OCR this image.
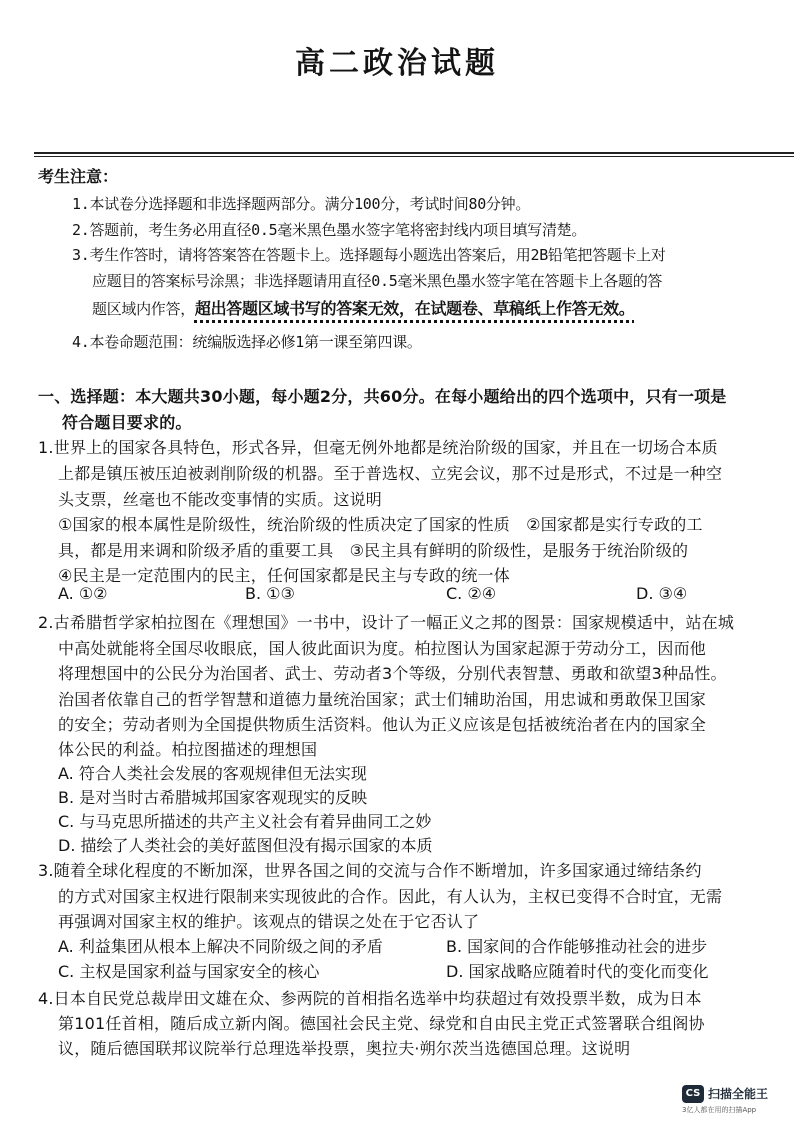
高二政治试题
考生注意：
1.本试卷分选择题和非选择题两部分。满分100分，考试时间80分钟。
2.答题前，考生务必用直径0.5毫米黑色墨水签字笔将密封线内项目填写清楚。
3.考生作答时，请将答案答在答题卡上。选择题每小题选出答案后，用2B铅笔把答题卡上对
应题目的答案标号涂黑；非选择题请用直径0.5毫米黑色墨水签字笔在答题卡上各题的答
题区域内作答，超出答题区域书写的答案无效，在试题卷、草稿纸上作答无效。
4.本卷命题范围：统编版选择必修1第一课至第四课。
一、选择题：本大题共30小题，每小题2分，共60分。在每小题给出的四个选项中，只有一项是
符合题目要求的。
1.世界上的国家各具特色，形式各异，但毫无例外地都是统治阶级的国家，并且在一切场合本质
上都是镇压被压迫被剥削阶级的机器。至于普选权、立宪会议，那不过是形式，不过是一种空
头支票，丝毫也不能改变事情的实质。这说明
①国家的根本属性是阶级性，统治阶级的性质决定了国家的性质　②国家都是实行专政的工
具，都是用来调和阶级矛盾的重要工具　③民主具有鲜明的阶级性，是服务于统治阶级的
④民主是一定范围内的民主，任何国家都是民主与专政的统一体
A. ①②	B. ①③	C. ②④	D. ③④
2.古希腊哲学家柏拉图在《理想国》一书中，设计了一幅正义之邦的图景：国家规模适中，站在城
中高处就能将全国尽收眼底，国人彼此面识为度。柏拉图认为国家起源于劳动分工，因而他
将理想国中的公民分为治国者、武士、劳动者3个等级，分别代表智慧、勇敢和欲望3种品性。
治国者依靠自己的哲学智慧和道德力量统治国家；武士们辅助治国，用忠诚和勇敢保卫国家
的安全；劳动者则为全国提供物质生活资料。他认为正义应该是包括被统治者在内的国家全
体公民的利益。柏拉图描述的理想国
A. 符合人类社会发展的客观规律但无法实现
B. 是对当时古希腊城邦国家客观现实的反映
C. 与马克思所描述的共产主义社会有着异曲同工之妙
D. 描绘了人类社会的美好蓝图但没有揭示国家的本质
3.随着全球化程度的不断加深，世界各国之间的交流与合作不断增加，许多国家通过缔结条约
的方式对国家主权进行限制来实现彼此的合作。因此，有人认为，主权已变得不合时宜，无需
再强调对国家主权的维护。该观点的错误之处在于它否认了
A. 利益集团从根本上解决不同阶级之间的矛盾	B. 国家间的合作能够推动社会的进步
C. 主权是国家利益与国家安全的核心	D. 国家战略应随着时代的变化而变化
4.日本自民党总裁岸田文雄在众、参两院的首相指名选举中均获超过有效投票半数，成为日本
第101任首相，随后成立新内阁。德国社会民主党、绿党和自由民主党正式签署联合组阁协
议，随后德国联邦议院举行总理选举投票，奥拉夫·朔尔茨当选德国总理。这说明
CS 扫描全能王
3亿人都在用的扫描App
